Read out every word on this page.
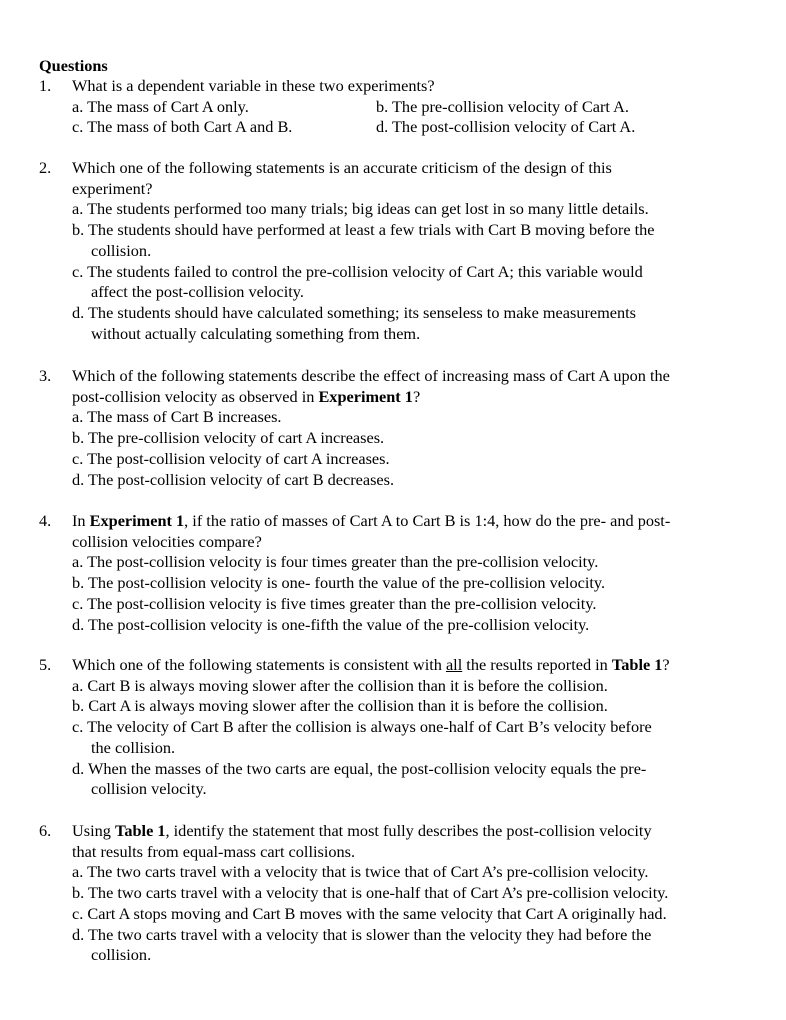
Questions
1. What is a dependent variable in these two experiments?
a. The mass of Cart A only.	b. The pre-collision velocity of Cart A.
c. The mass of both Cart A and B.	d. The post-collision velocity of Cart A.
2. Which one of the following statements is an accurate criticism of the design of this
experiment?
a. The students performed too many trials; big ideas can get lost in so many little details.
b. The students should have performed at least a few trials with Cart B moving before the
collision.
c. The students failed to control the pre-collision velocity of Cart A; this variable would
affect the post-collision velocity.
d. The students should have calculated something; its senseless to make measurements
without actually calculating something from them.
3. Which of the following statements describe the effect of increasing mass of Cart A upon the
post-collision velocity as observed in Experiment 1?
a. The mass of Cart B increases.
b. The pre-collision velocity of cart A increases.
c. The post-collision velocity of cart A increases.
d. The post-collision velocity of cart B decreases.
4. In Experiment 1, if the ratio of masses of Cart A to Cart B is 1:4, how do the pre- and post-
collision velocities compare?
a. The post-collision velocity is four times greater than the pre-collision velocity.
b. The post-collision velocity is one- fourth the value of the pre-collision velocity.
c. The post-collision velocity is five times greater than the pre-collision velocity.
d. The post-collision velocity is one-fifth the value of the pre-collision velocity.
5. Which one of the following statements is consistent with all the results reported in Table 1?
a. Cart B is always moving slower after the collision than it is before the collision.
b. Cart A is always moving slower after the collision than it is before the collision.
c. The velocity of Cart B after the collision is always one-half of Cart B’s velocity before
the collision.
d. When the masses of the two carts are equal, the post-collision velocity equals the pre-
collision velocity.
6. Using Table 1, identify the statement that most fully describes the post-collision velocity
that results from equal-mass cart collisions.
a. The two carts travel with a velocity that is twice that of Cart A’s pre-collision velocity.
b. The two carts travel with a velocity that is one-half that of Cart A’s pre-collision velocity.
c. Cart A stops moving and Cart B moves with the same velocity that Cart A originally had.
d. The two carts travel with a velocity that is slower than the velocity they had before the
collision.
